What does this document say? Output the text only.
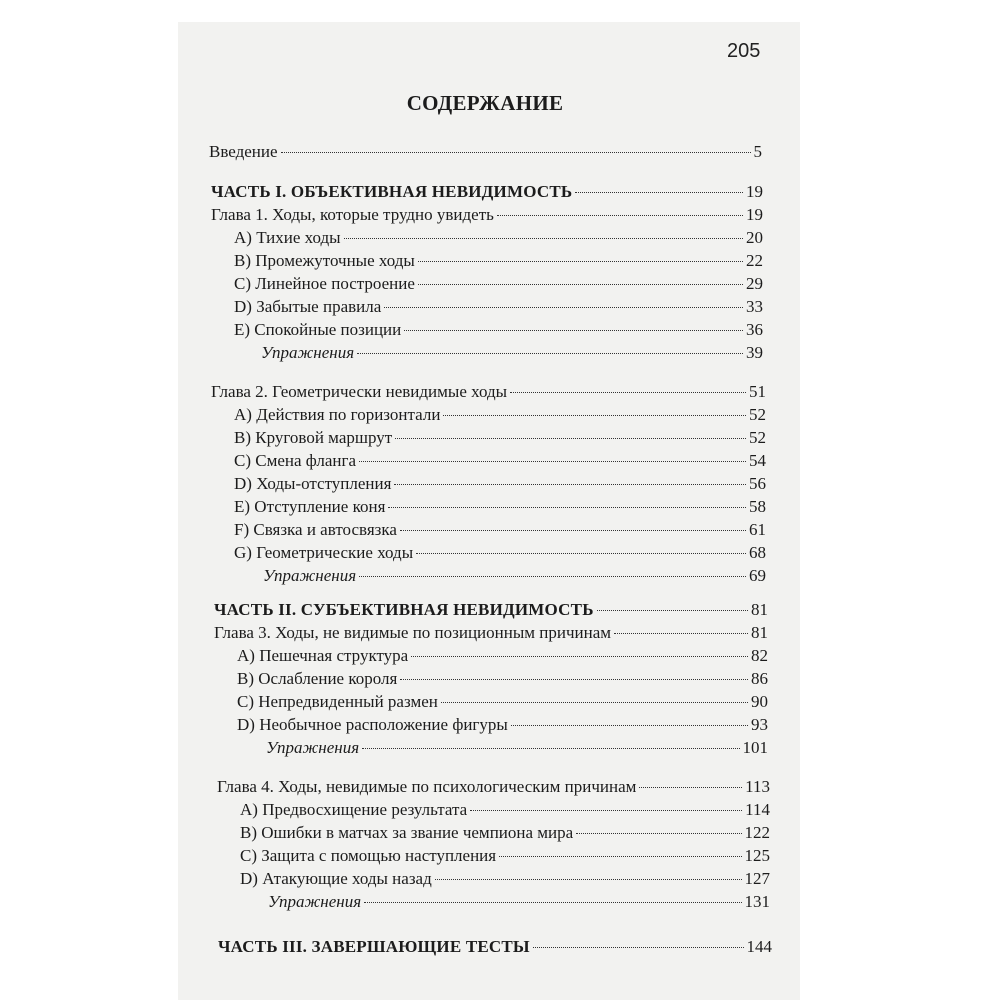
205
СОДЕРЖАНИЕ
Введение	5
ЧАСТЬ I. ОБЪЕКТИВНАЯ НЕВИДИМОСТЬ	19
Глава 1. Ходы, которые трудно увидеть	19
А) Тихие ходы	20
В) Промежуточные ходы	22
С) Линейное построение	29
D) Забытые правила	33
Е) Спокойные позиции	36
Упражнения	39
Глава 2. Геометрически невидимые ходы	51
А) Действия по горизонтали	52
В) Круговой маршрут	52
С) Смена фланга	54
D) Ходы-отступления	56
Е) Отступление коня	58
F) Связка и автосвязка	61
G) Геометрические ходы	68
Упражнения	69
ЧАСТЬ II. СУБЪЕКТИВНАЯ НЕВИДИМОСТЬ	81
Глава 3. Ходы, не видимые по позиционным причинам	81
А) Пешечная структура	82
В) Ослабление короля	86
С) Непредвиденный размен	90
D) Необычное расположение фигуры	93
Упражнения	101
Глава 4. Ходы, невидимые по психологическим причинам	113
А) Предвосхищение результата	114
В) Ошибки в матчах за звание чемпиона мира	122
С) Защита с помощью наступления	125
D) Атакующие ходы назад	127
Упражнения	131
ЧАСТЬ III. ЗАВЕРШАЮЩИЕ ТЕСТЫ	144
